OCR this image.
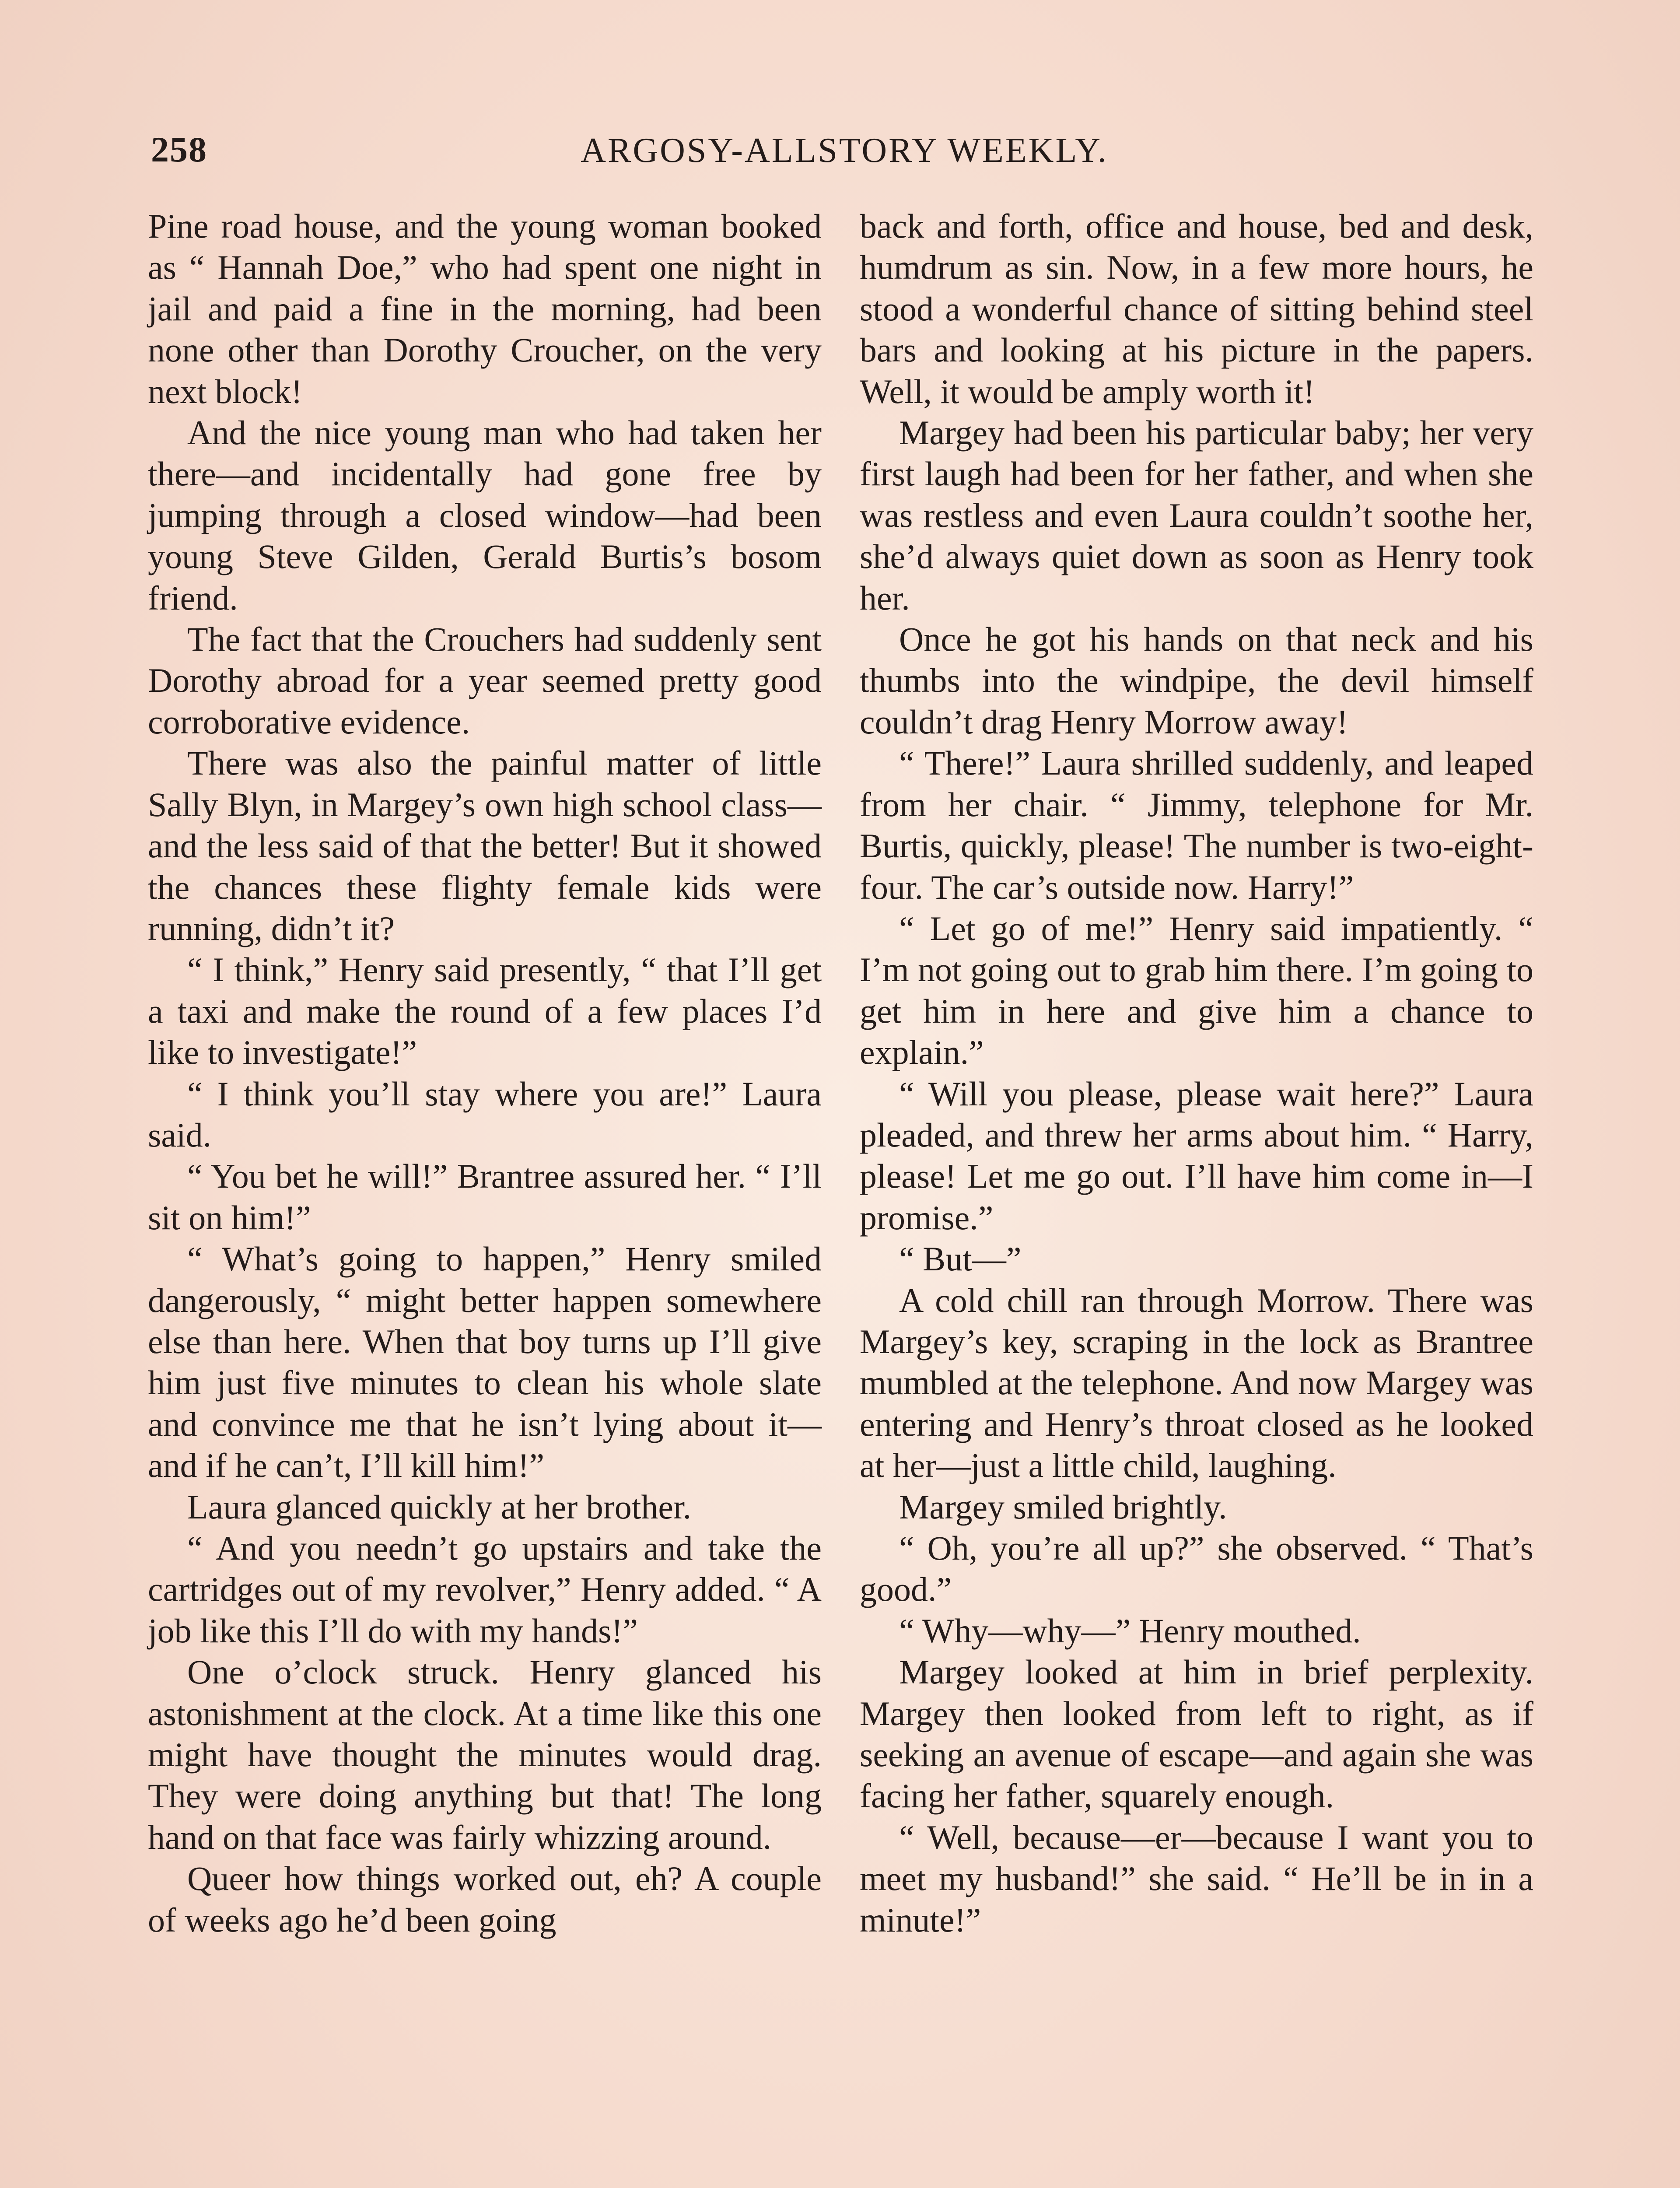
258	ARGOSY-ALLSTORY WEEKLY.

Pine road house, and the young woman booked as “ Hannah Doe,” who had spent one night in jail and paid a fine in the morning, had been none other than Dorothy Croucher, on the very next block!

And the nice young man who had taken her there—and incidentally had gone free by jumping through a closed window—had been young Steve Gilden, Gerald Burtis’s bosom friend.

The fact that the Crouchers had suddenly sent Dorothy abroad for a year seemed pretty good corroborative evidence.

There was also the painful matter of little Sally Blyn, in Margey’s own high school class—and the less said of that the better! But it showed the chances these flighty female kids were running, didn’t it?

“ I think,” Henry said presently, “ that I’ll get a taxi and make the round of a few places I’d like to investigate!”

“ I think you’ll stay where you are!” Laura said.

“ You bet he will!” Brantree assured her. “ I’ll sit on him!”

“ What’s going to happen,” Henry smiled dangerously, “ might better happen somewhere else than here. When that boy turns up I’ll give him just five minutes to clean his whole slate and convince me that he isn’t lying about it—and if he can’t, I’ll kill him!”

Laura glanced quickly at her brother.

“ And you needn’t go upstairs and take the cartridges out of my revolver,” Henry added. “ A job like this I’ll do with my hands!”

One o’clock struck. Henry glanced his astonishment at the clock. At a time like this one might have thought the minutes would drag. They were doing anything but that! The long hand on that face was fairly whizzing around.

Queer how things worked out, eh? A couple of weeks ago he’d been going

back and forth, office and house, bed and desk, humdrum as sin. Now, in a few more hours, he stood a wonderful chance of sitting behind steel bars and looking at his picture in the papers. Well, it would be amply worth it!

Margey had been his particular baby; her very first laugh had been for her father, and when she was restless and even Laura couldn’t soothe her, she’d always quiet down as soon as Henry took her.

Once he got his hands on that neck and his thumbs into the windpipe, the devil himself couldn’t drag Henry Morrow away!

“ There!” Laura shrilled suddenly, and leaped from her chair. “ Jimmy, telephone for Mr. Burtis, quickly, please! The number is two-eight-four. The car’s outside now. Harry!”

“ Let go of me!” Henry said impatiently. “ I’m not going out to grab him there. I’m going to get him in here and give him a chance to explain.”

“ Will you please, please wait here?” Laura pleaded, and threw her arms about him. “ Harry, please! Let me go out. I’ll have him come in—I promise.”

“ But—”

A cold chill ran through Morrow. There was Margey’s key, scraping in the lock as Brantree mumbled at the telephone. And now Margey was entering and Henry’s throat closed as he looked at her—just a little child, laughing.

Margey smiled brightly.

“ Oh, you’re all up?” she observed. “ That’s good.”

“ Why—why—” Henry mouthed.

Margey looked at him in brief perplexity. Margey then looked from left to right, as if seeking an avenue of escape—and again she was facing her father, squarely enough.

“ Well, because—er—because I want you to meet my husband!” she said. “ He’ll be in in a minute!”
